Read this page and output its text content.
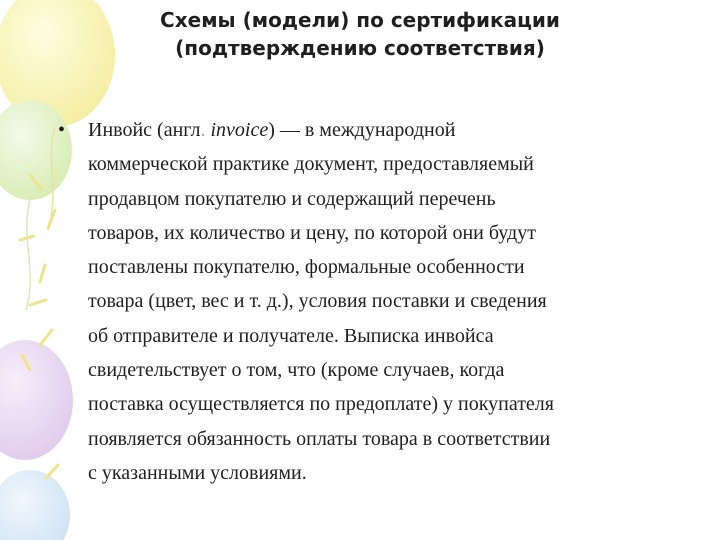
Схемы (модели) по сертификации
(подтверждению соответствия)
• Инвойс (англ. invoice) — в международной
коммерческой практике документ, предоставляемый
продавцом покупателю и содержащий перечень
товаров, их количество и цену, по которой они будут
поставлены покупателю, формальные особенности
товара (цвет, вес и т. д.), условия поставки и сведения
об отправителе и получателе. Выписка инвойса
свидетельствует о том, что (кроме случаев, когда
поставка осуществляется по предоплате) у покупателя
появляется обязанность оплаты товара в соответствии
с указанными условиями.
